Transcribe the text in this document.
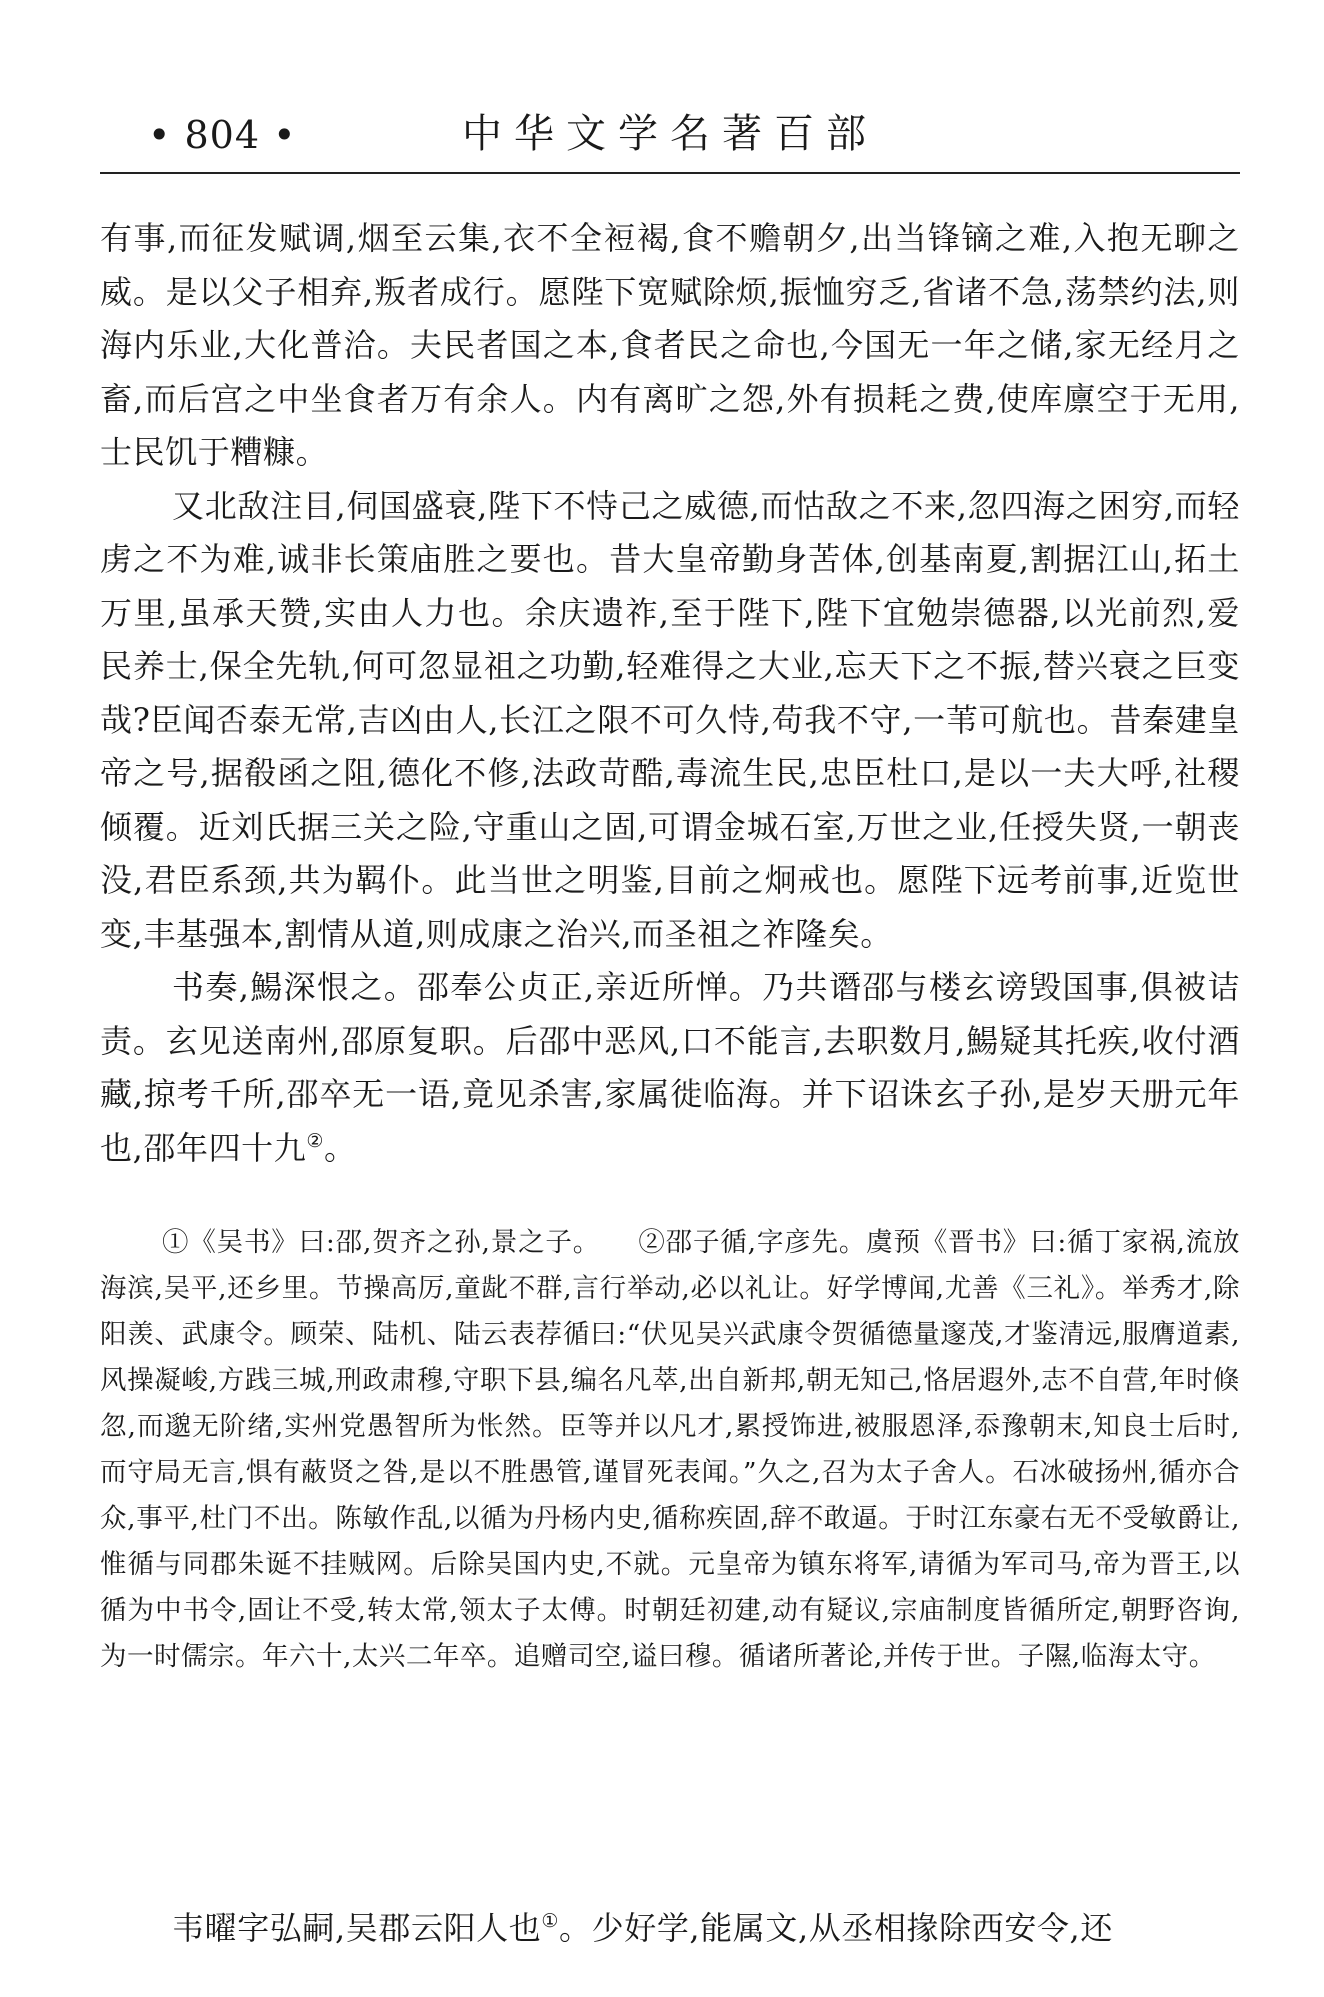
• 804 •	中华文学名著百部

有事,而征发赋调,烟至云集,衣不全裋褐,食不赡朝夕,出当锋镝之难,入抱无聊之威。是以父子相弃,叛者成行。愿陛下宽赋除烦,振恤穷乏,省诸不急,荡禁约法,则海内乐业,大化普洽。夫民者国之本,食者民之命也,今国无一年之储,家无经月之畜,而后宫之中坐食者万有余人。内有离旷之怨,外有损耗之费,使库廪空于无用,士民饥于糟糠。

又北敌注目,伺国盛衰,陛下不恃己之威德,而怙敌之不来,忽四海之困穷,而轻虏之不为难,诚非长策庙胜之要也。昔大皇帝勤身苦体,创基南夏,割据江山,拓土万里,虽承天赞,实由人力也。余庆遗祚,至于陛下,陛下宜勉崇德器,以光前烈,爱民养士,保全先轨,何可忽显祖之功勤,轻难得之大业,忘天下之不振,替兴衰之巨变哉?臣闻否泰无常,吉凶由人,长江之限不可久恃,苟我不守,一苇可航也。昔秦建皇帝之号,据殽函之阻,德化不修,法政苛酷,毒流生民,忠臣杜口,是以一夫大呼,社稷倾覆。近刘氏据三关之险,守重山之固,可谓金城石室,万世之业,任授失贤,一朝丧没,君臣系颈,共为羁仆。此当世之明鉴,目前之炯戒也。愿陛下远考前事,近览世变,丰基强本,割情从道,则成康之治兴,而圣祖之祚隆矣。

书奏,鰑深恨之。邵奉公贞正,亲近所惮。乃共谮邵与楼玄谤毁国事,俱被诘责。玄见送南州,邵原复职。后邵中恶风,口不能言,去职数月,鰑疑其托疾,收付酒藏,掠考千所,邵卒无一语,竟见杀害,家属徙临海。并下诏诛玄子孙,是岁天册元年也,邵年四十九②。

①《吴书》曰:邵,贺齐之孙,景之子。 ②邵子循,字彦先。虞预《晋书》曰:循丁家祸,流放海滨,吴平,还乡里。节操高厉,童龀不群,言行举动,必以礼让。好学博闻,尤善《三礼》。举秀才,除阳羡、武康令。顾荣、陆机、陆云表荐循曰:“伏见吴兴武康令贺循德量邃茂,才鉴清远,服膺道素,风操凝峻,方践三城,刑政肃穆,守职下县,编名凡萃,出自新邦,朝无知己,恪居遐外,志不自营,年时倏忽,而邈无阶绪,实州党愚智所为怅然。臣等并以凡才,累授饰进,被服恩泽,忝豫朝末,知良士后时,而守局无言,惧有蔽贤之咎,是以不胜愚管,谨冒死表闻。”久之,召为太子舍人。石冰破扬州,循亦合众,事平,杜门不出。陈敏作乱,以循为丹杨内史,循称疾固,辞不敢逼。于时江东豪右无不受敏爵让,惟循与同郡朱诞不挂贼网。后除吴国内史,不就。元皇帝为镇东将军,请循为军司马,帝为晋王,以循为中书令,固让不受,转太常,领太子太傅。时朝廷初建,动有疑议,宗庙制度皆循所定,朝野咨询,为一时儒宗。年六十,太兴二年卒。追赠司空,谥曰穆。循诸所著论,并传于世。子隰,临海太守。

韦曜字弘嗣,吴郡云阳人也①。少好学,能属文,从丞相掾除西安令,还
